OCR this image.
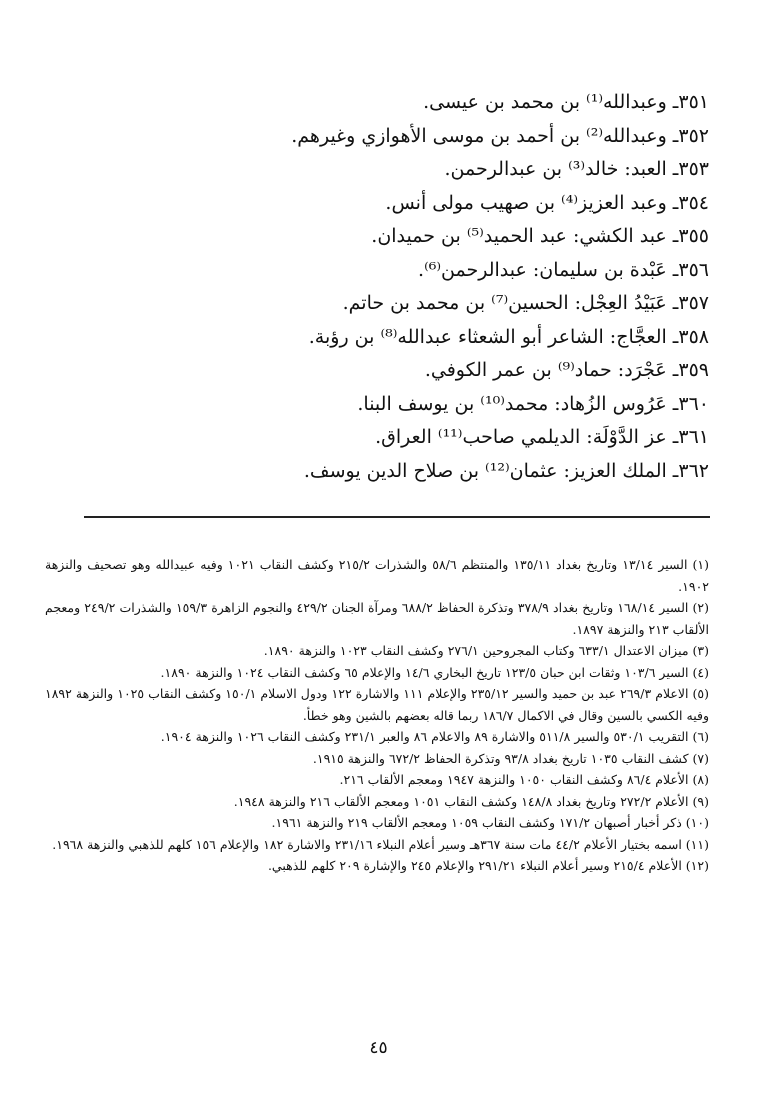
٣٥١ـ وعبدالله⁽¹⁾ بن محمد بن عيسى.
٣٥٢ـ وعبدالله⁽²⁾ بن أحمد بن موسى الأهوازي وغيرهم.
٣٥٣ـ العبد: خالد⁽³⁾ بن عبدالرحمن.
٣٥٤ـ وعبد العزيز⁽⁴⁾ بن صهيب مولى أنس.
٣٥٥ـ عبد الكشي: عبد الحميد⁽⁵⁾ بن حميدان.
٣٥٦ـ عَبْدة بن سليمان: عبدالرحمن⁽⁶⁾.
٣٥٧ـ عَبَيْدُ العِجْل: الحسين⁽⁷⁾ بن محمد بن حاتم.
٣٥٨ـ العجَّاج: الشاعر أبو الشعثاء عبدالله⁽⁸⁾ بن رؤبة.
٣٥٩ـ عَجْرَد: حماد⁽⁹⁾ بن عمر الكوفي.
٣٦٠ـ عَرُوس الزُهاد: محمد⁽¹⁰⁾ بن يوسف البنا.
٣٦١ـ عز الدَّوْلَة: الديلمي صاحب⁽¹¹⁾ العراق.
٣٦٢ـ الملك العزيز: عثمان⁽¹²⁾ بن صلاح الدين يوسف.
(١) السير ١٣/١٤ وتاريخ بغداد ١٣٥/١١ والمنتظم ٥٨/٦ والشذرات ٢١٥/٢ وكشف النقاب ١٠٢١ وفيه عبيدالله وهو تصحيف والنزهة ١٩٠٢.
(٢) السير ١٦٨/١٤ وتاريخ بغداد ٣٧٨/٩ وتذكرة الحفاظ ٦٨٨/٢ ومرآة الجنان ٤٢٩/٢ والنجوم الزاهرة ١٥٩/٣ والشذرات ٢٤٩/٢ ومعجم الألقاب ٢١٣ والنزهة ١٨٩٧.
(٣) ميزان الاعتدال ٦٣٣/١ وكتاب المجروحين ٢٧٦/١ وكشف النقاب ١٠٢٣ والنزهة ١٨٩٠.
(٤) السير ١٠٣/٦ وثقات ابن حبان ١٢٣/٥ تاريخ البخاري ١٤/٦ والإعلام ٦٥ وكشف النقاب ١٠٢٤ والنزهة ١٨٩٠.
(٥) الاعلام ٢٦٩/٣ عبد بن حميد والسير ٢٣٥/١٢ والإعلام ١١١ والاشارة ١٢٢ ودول الاسلام ١٥٠/١ وكشف النقاب ١٠٢٥ والنزهة ١٨٩٢ وفيه الكسي بالسين وقال في الاكمال ١٨٦/٧ ربما قاله بعضهم بالشين وهو خطأ.
(٦) التقريب ٥٣٠/١ والسير ٥١١/٨ والاشارة ٨٩ والاعلام ٨٦ والعبر ٢٣١/١ وكشف النقاب ١٠٢٦ والنزهة ١٩٠٤.
(٧) كشف النقاب ١٠٣٥ تاريخ بغداد ٩٣/٨ وتذكرة الحفاظ ٦٧٢/٢ والنزهة ١٩١٥.
(٨) الأعلام ٨٦/٤ وكشف النقاب ١٠٥٠ والنزهة ١٩٤٧ ومعجم الألقاب ٢١٦.
(٩) الأعلام ٢٧٢/٢ وتاريخ بغداد ١٤٨/٨ وكشف النقاب ١٠٥١ ومعجم الألقاب ٢١٦ والنزهة ١٩٤٨.
(١٠) ذكر أخبار أصبهان ١٧١/٢ وكشف النقاب ١٠٥٩ ومعجم الألقاب ٢١٩ والنزهة ١٩٦١.
(١١) اسمه بختيار الأعلام ٤٤/٢ مات سنة ٣٦٧هـ وسير أعلام النبلاء ٢٣١/١٦ والاشارة ١٨٢ والإعلام ١٥٦ كلهم للذهبي والنزهة ١٩٦٨.
(١٢) الأعلام ٢١٥/٤ وسير أعلام النبلاء ٢٩١/٢١ والإعلام ٢٤٥ والإشارة ٢٠٩ كلهم للذهبي.
٤٥
